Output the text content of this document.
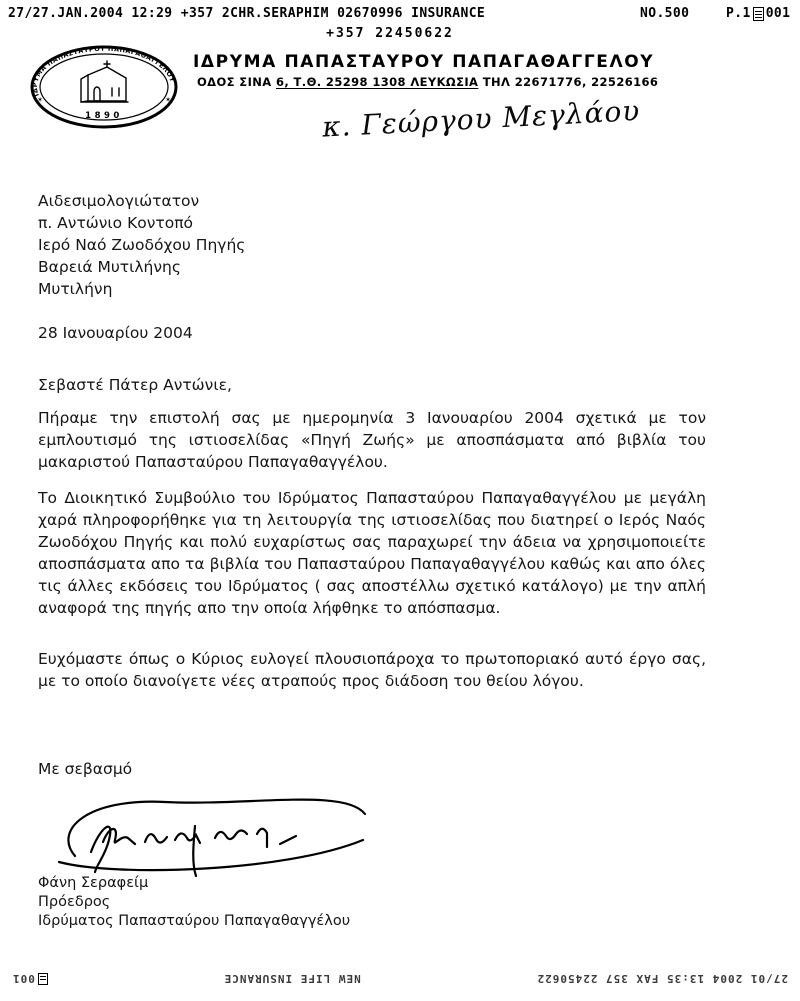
27/27.JAN.2004 12:29 +357 2CHR.SERAPHIM 02670996 INSURANCE	NO.500	P.1 001
+357 22450622
ΙΔΡΥΜΑ ΠΑΠΑΣΤΑΥΡΟΥ ΠΑΠΑΓΑΘΑΓΓΕΛΟΥ
1890
✶	✶
ΙΔΡΥΜΑ ΠΑΠΑΣΤΑΥΡΟΥ ΠΑΠΑΓΑΘΑΓΓΕΛΟΥ
ΟΔΟΣ ΣΙΝΑ 6, Τ.Θ. 25298 1308 ΛΕΥΚΩΣΙΑ ΤΗΛ 22671776, 22526166
κ. Γεώργου Μεγλάου
Αιδεσιμολογιώτατον
π. Αντώνιο Κοντοπό
Ιερό Ναό Ζωοδόχου Πηγής
Βαρειά Μυτιλήνης
Μυτιλήνη
28 Ιανουαρίου 2004
Σεβαστέ Πάτερ Αντώνιε,
Πήραμε την επιστολή σας με ημερομηνία 3 Ιανουαρίου 2004 σχετικά με τον εμπλουτισμό της ιστιοσελίδας «Πηγή Ζωής» με αποσπάσματα από βιβλία του μακαριστού Παπασταύρου Παπαγαθαγγέλου.
Το Διοικητικό Συμβούλιο του Ιδρύματος Παπασταύρου Παπαγαθαγγέλου με μεγάλη χαρά πληροφορήθηκε για τη λειτουργία της ιστιοσελίδας που διατηρεί ο Ιερός Ναός Ζωοδόχου Πηγής και πολύ ευχαρίστως σας παραχωρεί την άδεια να χρησιμοποιείτε αποσπάσματα απο τα βιβλία του Παπασταύρου Παπαγαθαγγέλου καθώς και απο όλες τις άλλες εκδόσεις του Ιδρύματος ( σας αποστέλλω σχετικό κατάλογο) με την απλή αναφορά της πηγής απο την οποία λήφθηκε το απόσπασμα.
Ευχόμαστε όπως ο Κύριος ευλογεί πλουσιοπάροχα το πρωτοποριακό αυτό έργο σας, με το οποίο διανοίγετε νέες ατραπούς προς διάδοση του θείου λόγου.
Με σεβασμό
Φάνη Σεραφείμ
Πρόεδρος
Ιδρύματος Παπασταύρου Παπαγαθαγγέλου
27/01 2004 13:35 FAX 357 22450622
NEW LIFE INSURANCE
001
